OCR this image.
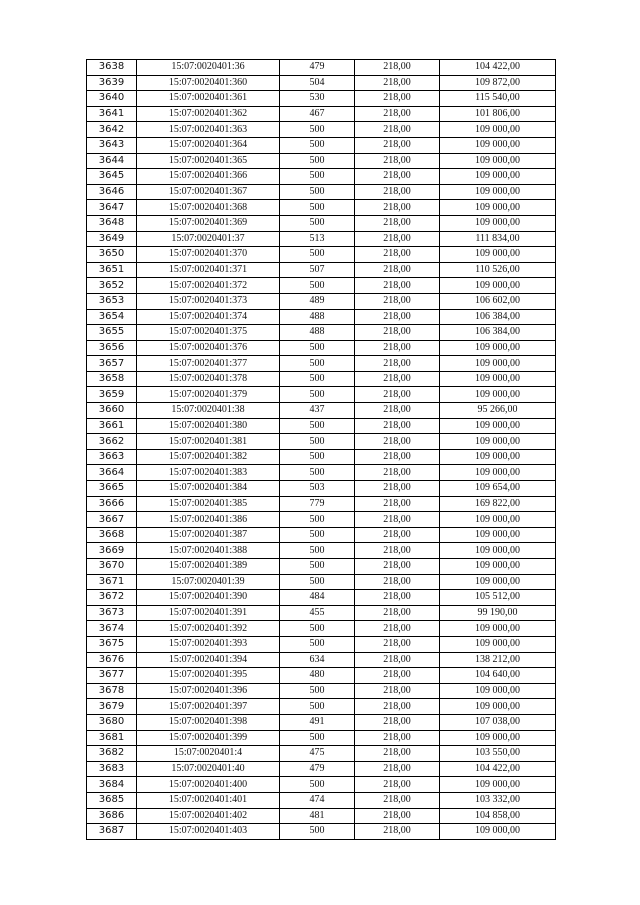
3638	15:07:0020401:36	479	218,00	104 422,00
3639	15:07:0020401:360	504	218,00	109 872,00
3640	15:07:0020401:361	530	218,00	115 540,00
3641	15:07:0020401:362	467	218,00	101 806,00
3642	15:07:0020401:363	500	218,00	109 000,00
3643	15:07:0020401:364	500	218,00	109 000,00
3644	15:07:0020401:365	500	218,00	109 000,00
3645	15:07:0020401:366	500	218,00	109 000,00
3646	15:07:0020401:367	500	218,00	109 000,00
3647	15:07:0020401:368	500	218,00	109 000,00
3648	15:07:0020401:369	500	218,00	109 000,00
3649	15:07:0020401:37	513	218,00	111 834,00
3650	15:07:0020401:370	500	218,00	109 000,00
3651	15:07:0020401:371	507	218,00	110 526,00
3652	15:07:0020401:372	500	218,00	109 000,00
3653	15:07:0020401:373	489	218,00	106 602,00
3654	15:07:0020401:374	488	218,00	106 384,00
3655	15:07:0020401:375	488	218,00	106 384,00
3656	15:07:0020401:376	500	218,00	109 000,00
3657	15:07:0020401:377	500	218,00	109 000,00
3658	15:07:0020401:378	500	218,00	109 000,00
3659	15:07:0020401:379	500	218,00	109 000,00
3660	15:07:0020401:38	437	218,00	95 266,00
3661	15:07:0020401:380	500	218,00	109 000,00
3662	15:07:0020401:381	500	218,00	109 000,00
3663	15:07:0020401:382	500	218,00	109 000,00
3664	15:07:0020401:383	500	218,00	109 000,00
3665	15:07:0020401:384	503	218,00	109 654,00
3666	15:07:0020401:385	779	218,00	169 822,00
3667	15:07:0020401:386	500	218,00	109 000,00
3668	15:07:0020401:387	500	218,00	109 000,00
3669	15:07:0020401:388	500	218,00	109 000,00
3670	15:07:0020401:389	500	218,00	109 000,00
3671	15:07:0020401:39	500	218,00	109 000,00
3672	15:07:0020401:390	484	218,00	105 512,00
3673	15:07:0020401:391	455	218,00	99 190,00
3674	15:07:0020401:392	500	218,00	109 000,00
3675	15:07:0020401:393	500	218,00	109 000,00
3676	15:07:0020401:394	634	218,00	138 212,00
3677	15:07:0020401:395	480	218,00	104 640,00
3678	15:07:0020401:396	500	218,00	109 000,00
3679	15:07:0020401:397	500	218,00	109 000,00
3680	15:07:0020401:398	491	218,00	107 038,00
3681	15:07:0020401:399	500	218,00	109 000,00
3682	15:07:0020401:4	475	218,00	103 550,00
3683	15:07:0020401:40	479	218,00	104 422,00
3684	15:07:0020401:400	500	218,00	109 000,00
3685	15:07:0020401:401	474	218,00	103 332,00
3686	15:07:0020401:402	481	218,00	104 858,00
3687	15:07:0020401:403	500	218,00	109 000,00
